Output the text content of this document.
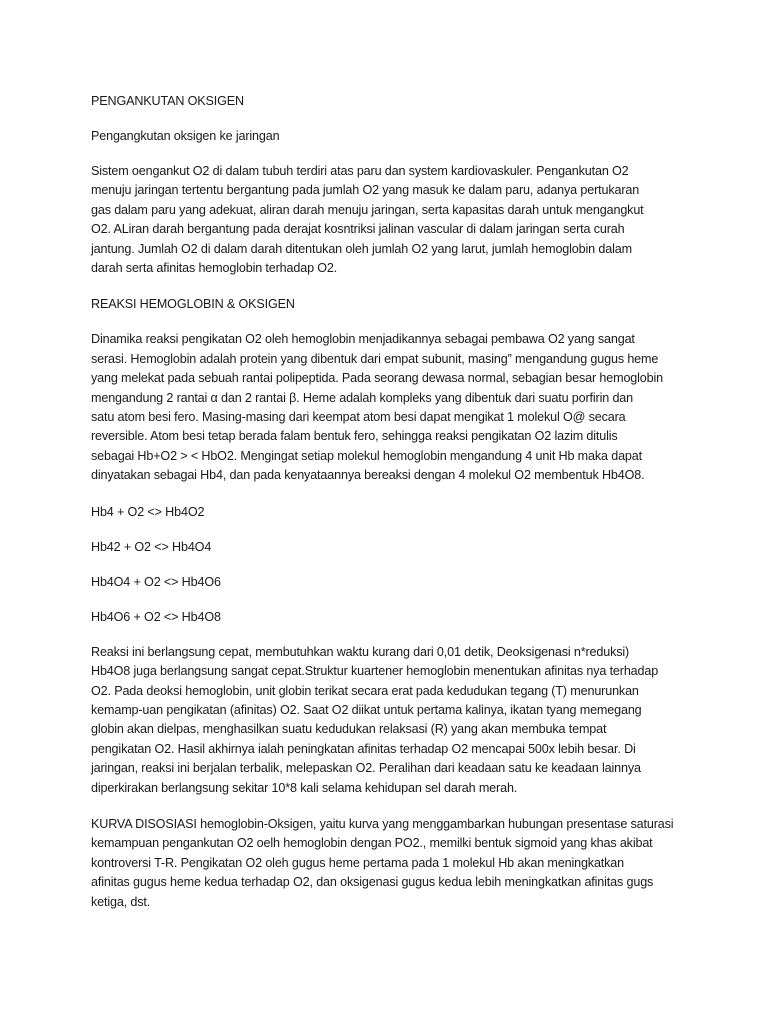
PENGANKUTAN OKSIGEN

Pengangkutan oksigen ke jaringan

Sistem oengankut O2 di dalam tubuh terdiri atas paru dan system kardiovaskuler. Pengankutan O2
menuju jaringan tertentu bergantung pada jumlah O2 yang masuk ke dalam paru, adanya pertukaran
gas dalam paru yang adekuat, aliran darah menuju jaringan, serta kapasitas darah untuk mengangkut
O2. ALiran darah bergantung pada derajat kosntriksi jalinan vascular di dalam jaringan serta curah
jantung. Jumlah O2 di dalam darah ditentukan oleh jumlah O2 yang larut, jumlah hemoglobin dalam
darah serta afinitas hemoglobin terhadap O2.

REAKSI HEMOGLOBIN & OKSIGEN

Dinamika reaksi pengikatan O2 oleh hemoglobin menjadikannya sebagai pembawa O2 yang sangat
serasi. Hemoglobin adalah protein yang dibentuk dari empat subunit, masing” mengandung gugus heme
yang melekat pada sebuah rantai polipeptida. Pada seorang dewasa normal, sebagian besar hemoglobin
mengandung 2 rantai α dan 2 rantai β. Heme adalah kompleks yang dibentuk dari suatu porfirin dan
satu atom besi fero. Masing-masing dari keempat atom besi dapat mengikat 1 molekul O@ secara
reversible. Atom besi tetap berada falam bentuk fero, sehingga reaksi pengikatan O2 lazim ditulis
sebagai Hb+O2 > < HbO2. Mengingat setiap molekul hemoglobin mengandung 4 unit Hb maka dapat
dinyatakan sebagai Hb4, dan pada kenyataannya bereaksi dengan 4 molekul O2 membentuk Hb4O8.

Hb4 + O2 <> Hb4O2

Hb42 + O2 <> Hb4O4

Hb4O4 + O2 <> Hb4O6

Hb4O6 + O2 <> Hb4O8

Reaksi ini berlangsung cepat, membutuhkan waktu kurang dari 0,01 detik, Deoksigenasi n*reduksi)
Hb4O8 juga berlangsung sangat cepat.Struktur kuartener hemoglobin menentukan afinitas nya terhadap
O2. Pada deoksi hemoglobin, unit globin terikat secara erat pada kedudukan tegang (T) menurunkan
kemamp-uan pengikatan (afinitas) O2. Saat O2 diikat untuk pertama kalinya, ikatan tyang memegang
globin akan dielpas, menghasilkan suatu kedudukan relaksasi (R) yang akan membuka tempat
pengikatan O2. Hasil akhirnya ialah peningkatan afinitas terhadap O2 mencapai 500x lebih besar. Di
jaringan, reaksi ini berjalan terbalik, melepaskan O2. Peralihan dari keadaan satu ke keadaan lainnya
diperkirakan berlangsung sekitar 10*8 kali selama kehidupan sel darah merah.

KURVA DISOSIASI hemoglobin-Oksigen, yaitu kurva yang menggambarkan hubungan presentase saturasi
kemampuan pengankutan O2 oelh hemoglobin dengan PO2., memilki bentuk sigmoid yang khas akibat
kontroversi T-R. Pengikatan O2 oleh gugus heme pertama pada 1 molekul Hb akan meningkatkan
afinitas gugus heme kedua terhadap O2, dan oksigenasi gugus kedua lebih meningkatkan afinitas gugs
ketiga, dst.
